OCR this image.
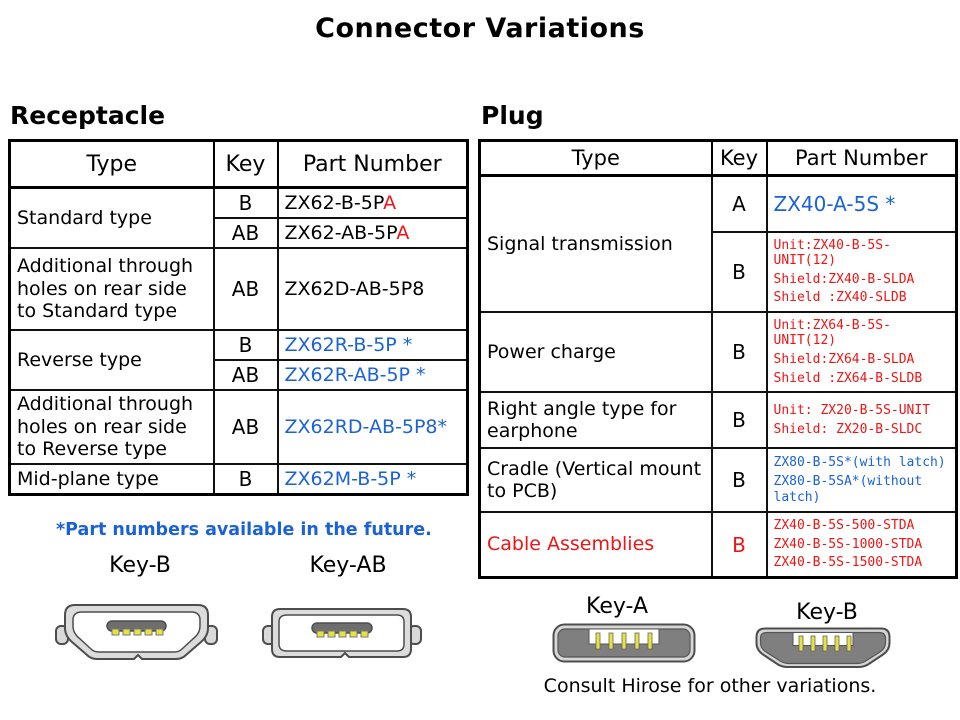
Connector Variations
Receptacle	Plug
Type	Key	Part Number
Standard type	B	ZX62-B-5PA
	AB	ZX62-AB-5PA
Additional through holes on rear side to Standard type	AB	ZX62D-AB-5P8
Reverse type	B	ZX62R-B-5P *
	AB	ZX62R-AB-5P *
Additional through holes on rear side to Reverse type	AB	ZX62RD-AB-5P8*
Mid-plane type	B	ZX62M-B-5P *
Type	Key	Part Number
Signal transmission	A	ZX40-A-5S *
	B	Unit:ZX40-B-5S-UNIT(12)
Shield:ZX40-B-SLDA
Shield :ZX40-SLDB

Power charge	B	Unit:ZX64-B-5S-UNIT(12)
Shield:ZX64-B-SLDA
Shield :ZX64-B-SLDB

Right angle type for earphone	B	Unit: ZX20-B-5S-UNIT
Shield: ZX20-B-SLDC

Cradle (Vertical mount to PCB)	B	ZX80-B-5S*(with latch)
ZX80-B-5SA*(without latch)

Cable Assemblies	B	ZX40-B-5S-500-STDA
ZX40-B-5S-1000-STDA
ZX40-B-5S-1500-STDA
*Part numbers available in the future.
Key-B	Key-AB
Key-A	Key-B
Consult Hirose for other variations.
